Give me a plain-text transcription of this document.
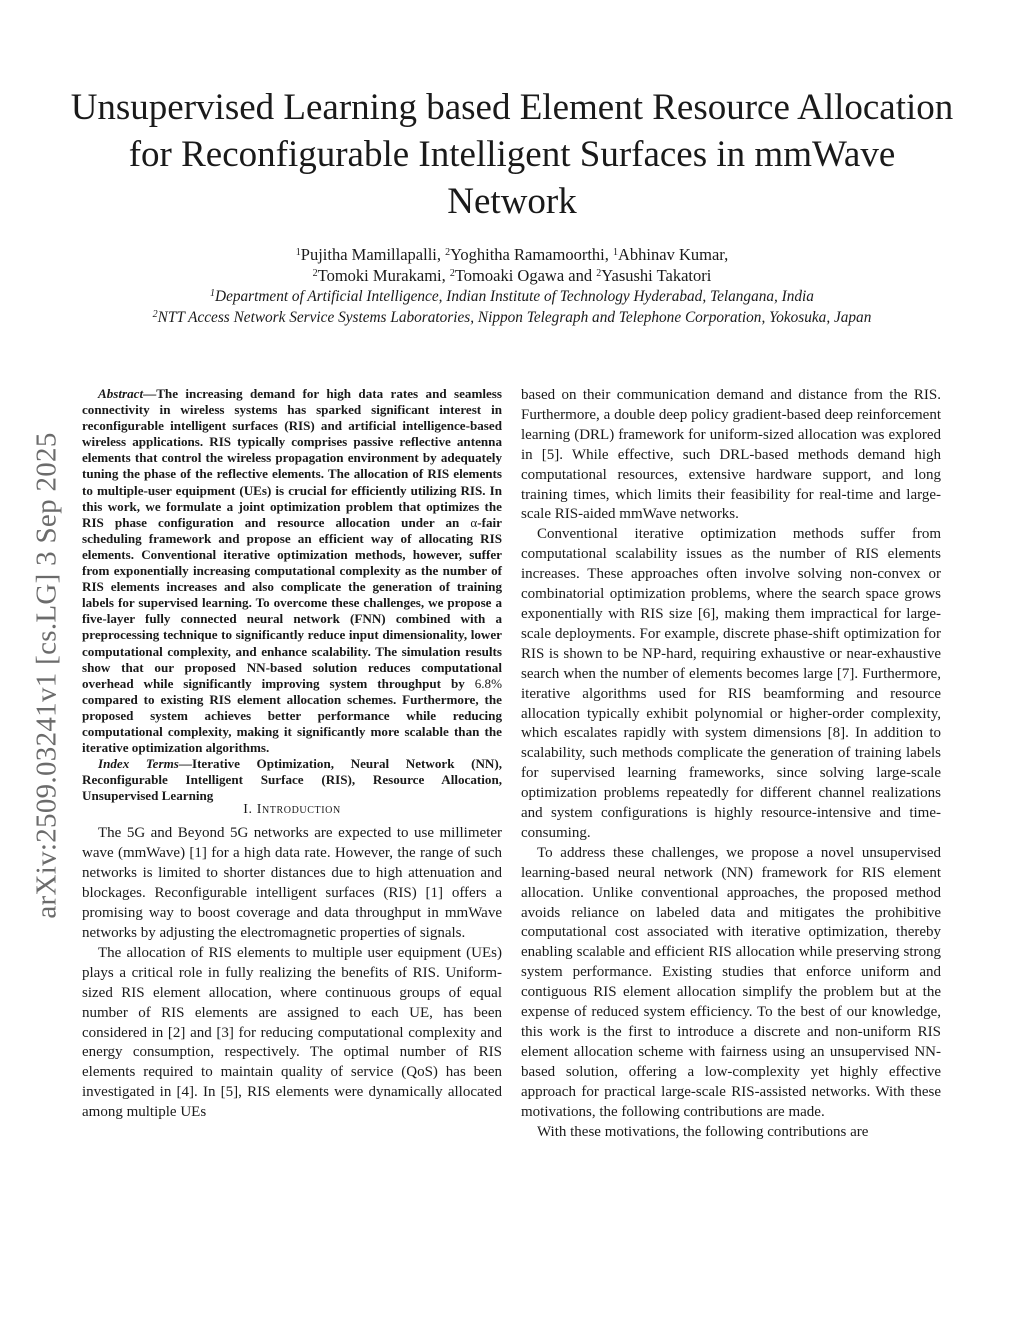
Unsupervised Learning based Element Resource Allocation for Reconfigurable Intelligent Surfaces in mmWave Network
$^1$Pujitha Mamillapalli, $^2$Yoghitha Ramamoorthi, $^1$Abhinav Kumar,
$^2$Tomoki Murakami, $^2$Tomoaki Ogawa and $^2$Yasushi Takatori
$^1$Department of Artificial Intelligence, Indian Institute of Technology Hyderabad, Telangana, India
$^2$NTT Access Network Service Systems Laboratories, Nippon Telegraph and Telephone Corporation, Yokosuka, Japan
arXiv:2509.03241v1 [cs.LG] 3 Sep 2025

Abstract—The increasing demand for high data rates and seamless connectivity in wireless systems has sparked significant interest in reconfigurable intelligent surfaces (RIS) and artificial intelligence-based wireless applications. RIS typically comprises passive reflective antenna elements that control the wireless propagation environment by adequately tuning the phase of the reflective elements. The allocation of RIS elements to multiple-user equipment (UEs) is crucial for efficiently utilizing RIS. In this work, we formulate a joint optimization problem that optimizes the RIS phase configuration and resource allocation under an α-fair scheduling framework and propose an efficient way of allocating RIS elements. Conventional iterative optimization methods, however, suffer from exponentially increasing computational complexity as the number of RIS elements increases and also complicate the generation of training labels for supervised learning. To overcome these challenges, we propose a five-layer fully connected neural network (FNN) combined with a preprocessing technique to significantly reduce input dimensionality, lower computational complexity, and enhance scalability. The simulation results show that our proposed NN-based solution reduces computational overhead while significantly improving system throughput by 6.8% compared to existing RIS element allocation schemes. Furthermore, the proposed system achieves better performance while reducing computational complexity, making it significantly more scalable than the iterative optimization algorithms.

Index Terms—Iterative Optimization, Neural Network (NN), Reconfigurable Intelligent Surface (RIS), Resource Allocation, Unsupervised Learning

I. Introduction

The 5G and Beyond 5G networks are expected to use millimeter wave (mmWave) [1] for a high data rate. However, the range of such networks is limited to shorter distances due to high attenuation and blockages. Reconfigurable intelligent surfaces (RIS) [1] offers a promising way to boost coverage and data throughput in mmWave networks by adjusting the electromagnetic properties of signals.

The allocation of RIS elements to multiple user equipment (UEs) plays a critical role in fully realizing the benefits of RIS. Uniform-sized RIS element allocation, where continuous groups of equal number of RIS elements are assigned to each UE, has been considered in [2] and [3] for reducing computational complexity and energy consumption, respectively. The optimal number of RIS elements required to maintain quality of service (QoS) has been investigated in [4]. In [5], RIS elements were dynamically allocated among multiple UEs

based on their communication demand and distance from the RIS. Furthermore, a double deep policy gradient-based deep reinforcement learning (DRL) framework for uniform-sized allocation was explored in [5]. While effective, such DRL-based methods demand high computational resources, extensive hardware support, and long training times, which limits their feasibility for real-time and large-scale RIS-aided mmWave networks.

Conventional iterative optimization methods suffer from computational scalability issues as the number of RIS elements increases. These approaches often involve solving non-convex or combinatorial optimization problems, where the search space grows exponentially with RIS size [6], making them impractical for large-scale deployments. For example, discrete phase-shift optimization for RIS is shown to be NP-hard, requiring exhaustive or near-exhaustive search when the number of elements becomes large [7]. Furthermore, iterative algorithms used for RIS beamforming and resource allocation typically exhibit polynomial or higher-order complexity, which escalates rapidly with system dimensions [8]. In addition to scalability, such methods complicate the generation of training labels for supervised learning frameworks, since solving large-scale optimization problems repeatedly for different channel realizations and system configurations is highly resource-intensive and time-consuming.

To address these challenges, we propose a novel unsupervised learning-based neural network (NN) framework for RIS element allocation. Unlike conventional approaches, the proposed method avoids reliance on labeled data and mitigates the prohibitive computational cost associated with iterative optimization, thereby enabling scalable and efficient RIS allocation while preserving strong system performance. Existing studies that enforce uniform and contiguous RIS element allocation simplify the problem but at the expense of reduced system efficiency. To the best of our knowledge, this work is the first to introduce a discrete and non-uniform RIS element allocation scheme with fairness using an unsupervised NN-based solution, offering a low-complexity yet highly effective approach for practical large-scale RIS-assisted networks. With these motivations, the following contributions are made.

With these motivations, the following contributions are
